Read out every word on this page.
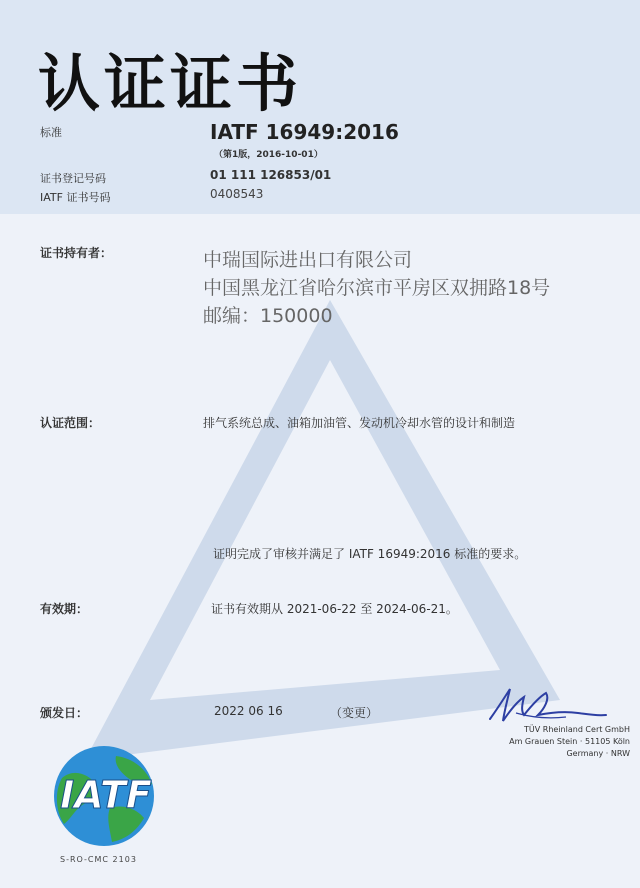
认证证书
标准	IATF 16949:2016
（第1版，2016-10-01）
证书登记号码	01 111 126853/01
IATF 证书号码	0408543
证书持有者：	中瑞国际进出口有限公司
中国黑龙江省哈尔滨市平房区双拥路18号
邮编：150000
认证范围：	排气系统总成、油箱加油管、发动机冷却水管的设计和制造
证明完成了审核并满足了 IATF 16949:2016 标准的要求。
有效期：	证书有效期从 2021-06-22 至 2024-06-21。
颁发日：	2022 06 16	（变更）
TÜV Rheinland Cert GmbH
Am Grauen Stein · 51105 Köln
Germany · NRW
IATF
S-RO-CMC 2103
